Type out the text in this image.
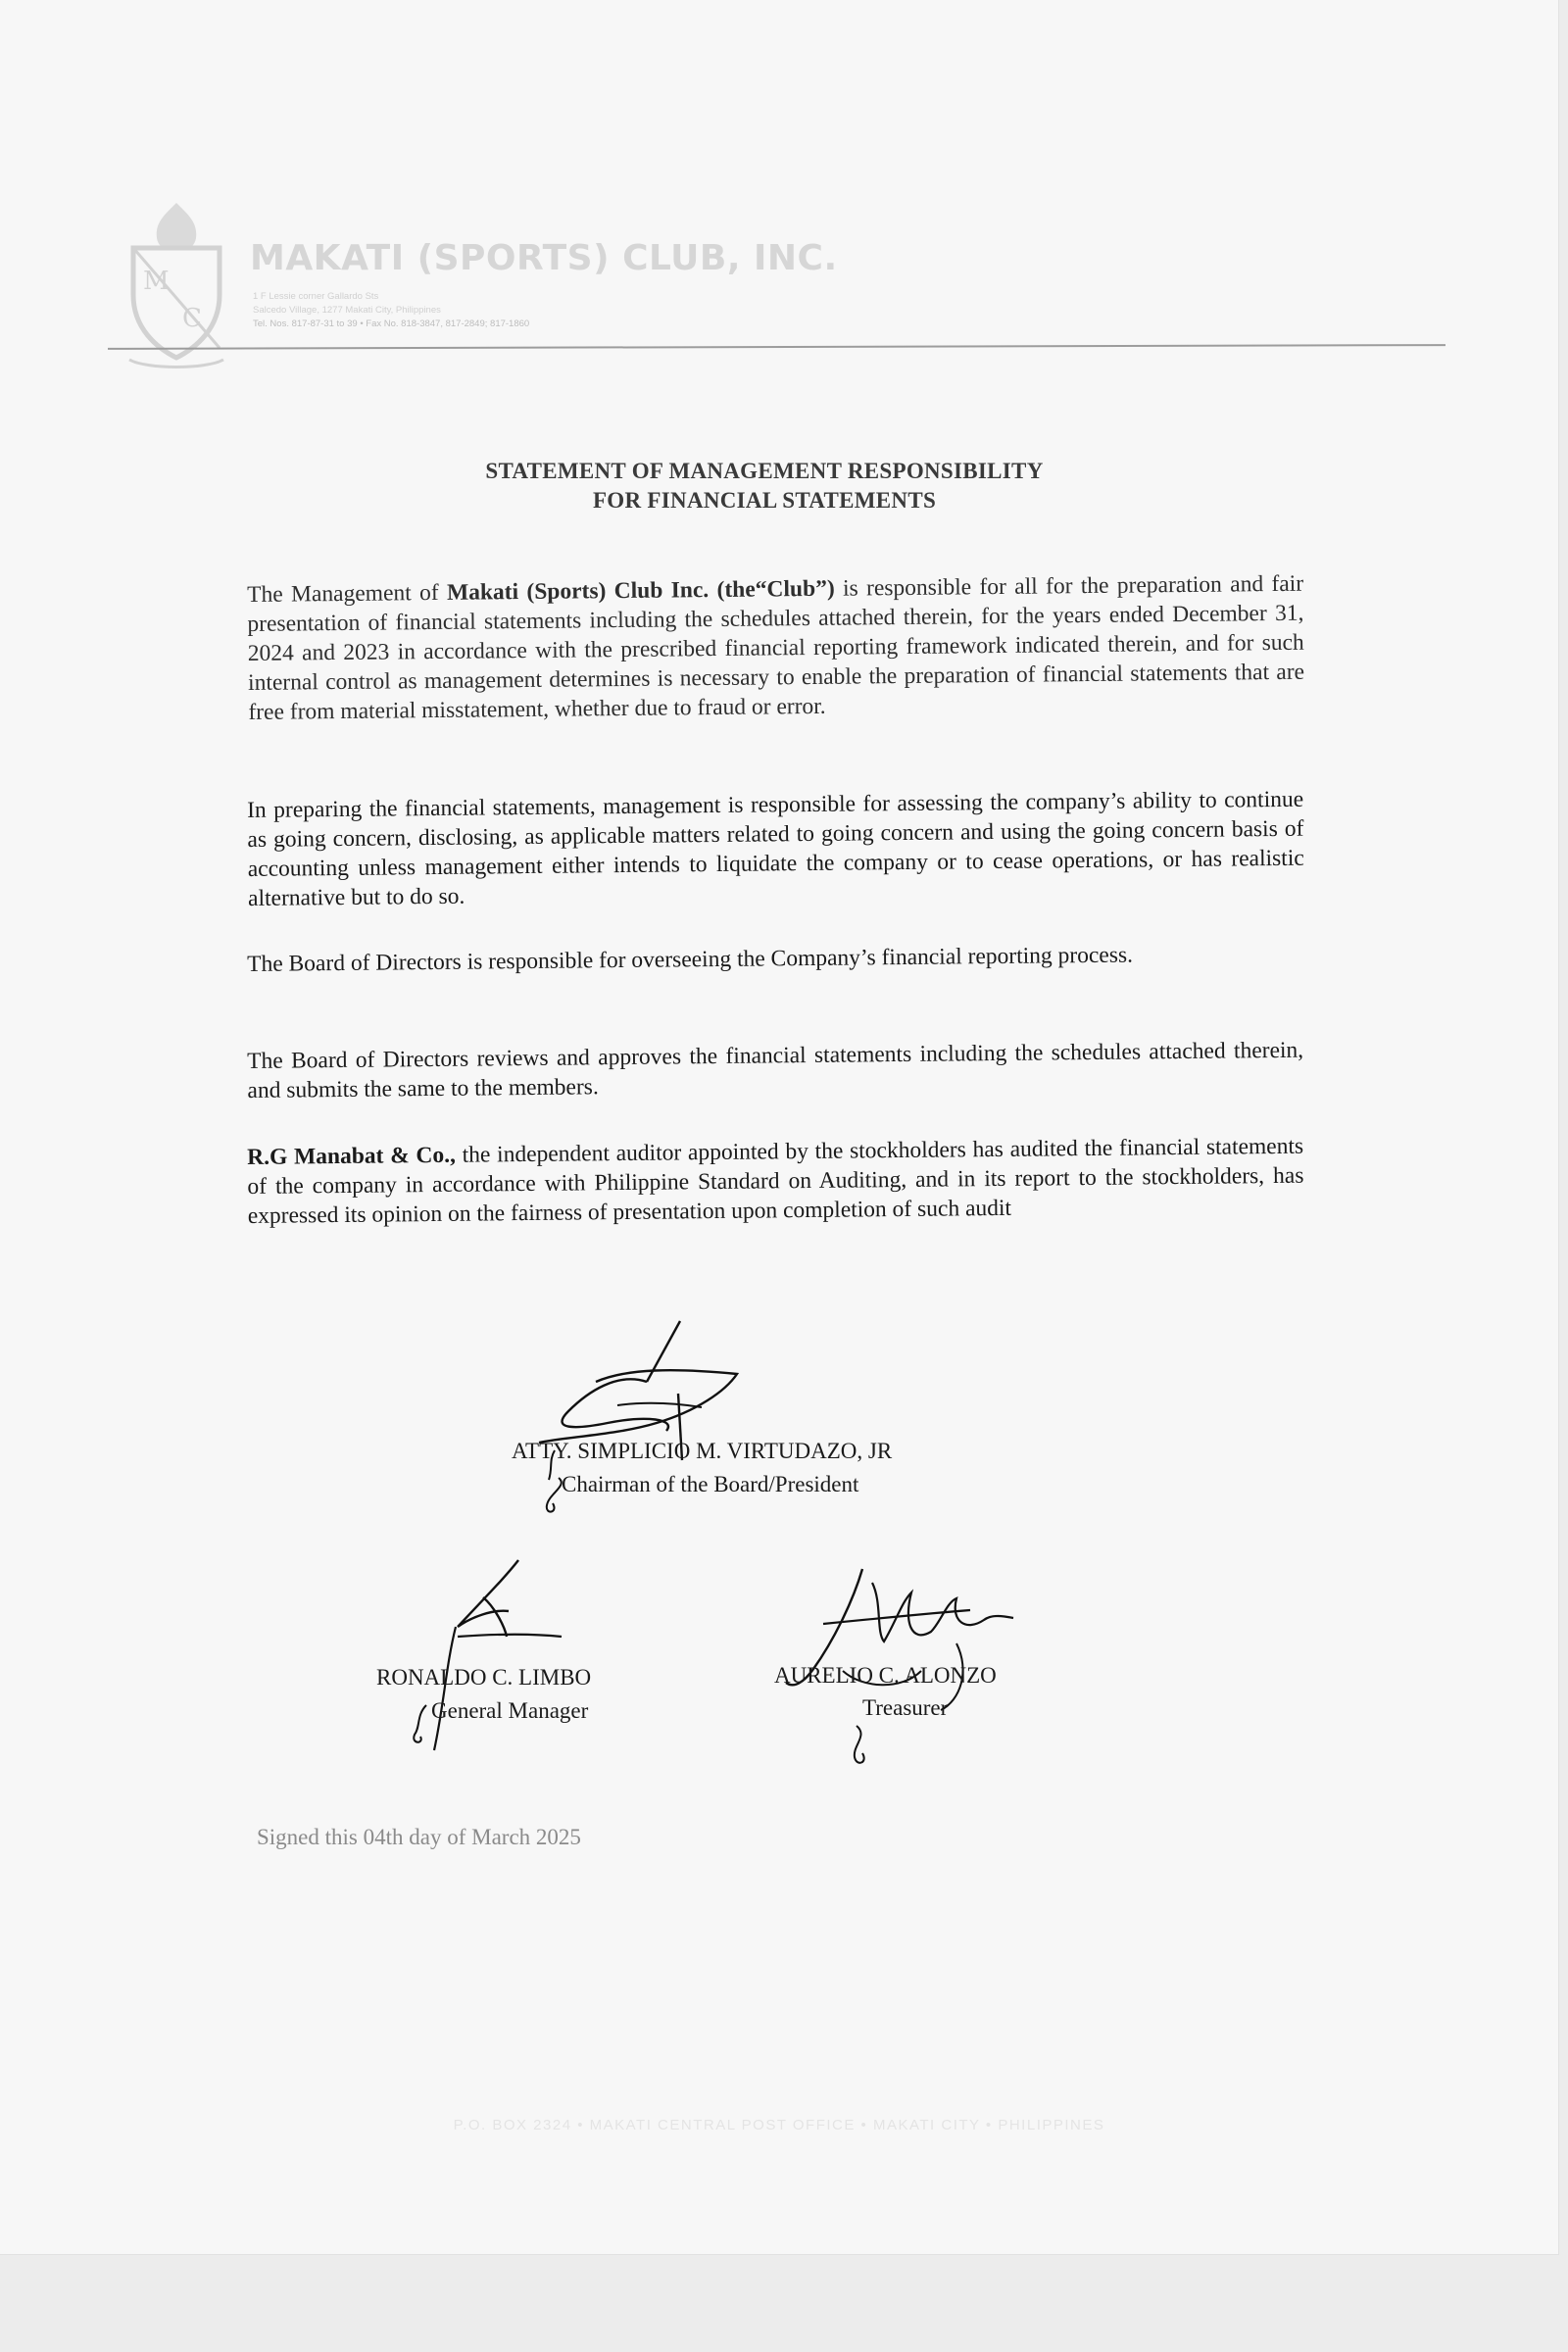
M
C
MAKATI (SPORTS) CLUB, INC.
1 F Lessie corner Gallardo Sts
Salcedo Village, 1277 Makati City, Philippines
Tel. Nos. 817-87-31 to 39 • Fax No. 818-3847, 817-2849; 817-1860
STATEMENT OF MANAGEMENT RESPONSIBILITY
FOR FINANCIAL STATEMENTS
The Management of Makati (Sports) Club Inc. (the“Club”) is responsible for all for the preparation and fair presentation of financial statements including the schedules attached therein, for the years ended December 31, 2024 and 2023 in accordance with the prescribed financial reporting framework indicated therein, and for such internal control as management determines is necessary to enable the preparation of financial statements that are free from material misstatement, whether due to fraud or error.
In preparing the financial statements, management is responsible for assessing the company’s ability to continue as going concern, disclosing, as applicable matters related to going concern and using the going concern basis of accounting unless management either intends to liquidate the company or to cease operations, or has realistic alternative but to do so.
The Board of Directors is responsible for overseeing the Company’s financial reporting process.
The Board of Directors reviews and approves the financial statements including the schedules attached therein, and submits the same to the members.
R.G Manabat & Co., the independent auditor appointed by the stockholders has audited the financial statements of the company in accordance with Philippine Standard on Auditing, and in its report to the stockholders, has expressed its opinion on the fairness of presentation upon completion of such audit
ATTY. SIMPLICIO M. VIRTUDAZO, JR
Chairman of the Board/President
RONALDO C. LIMBO
General Manager
AURELIO C. ALONZO
Treasurer
Signed this 04th day of March 2025
P.O. BOX 2324 • MAKATI CENTRAL POST OFFICE • MAKATI CITY • PHILIPPINES
